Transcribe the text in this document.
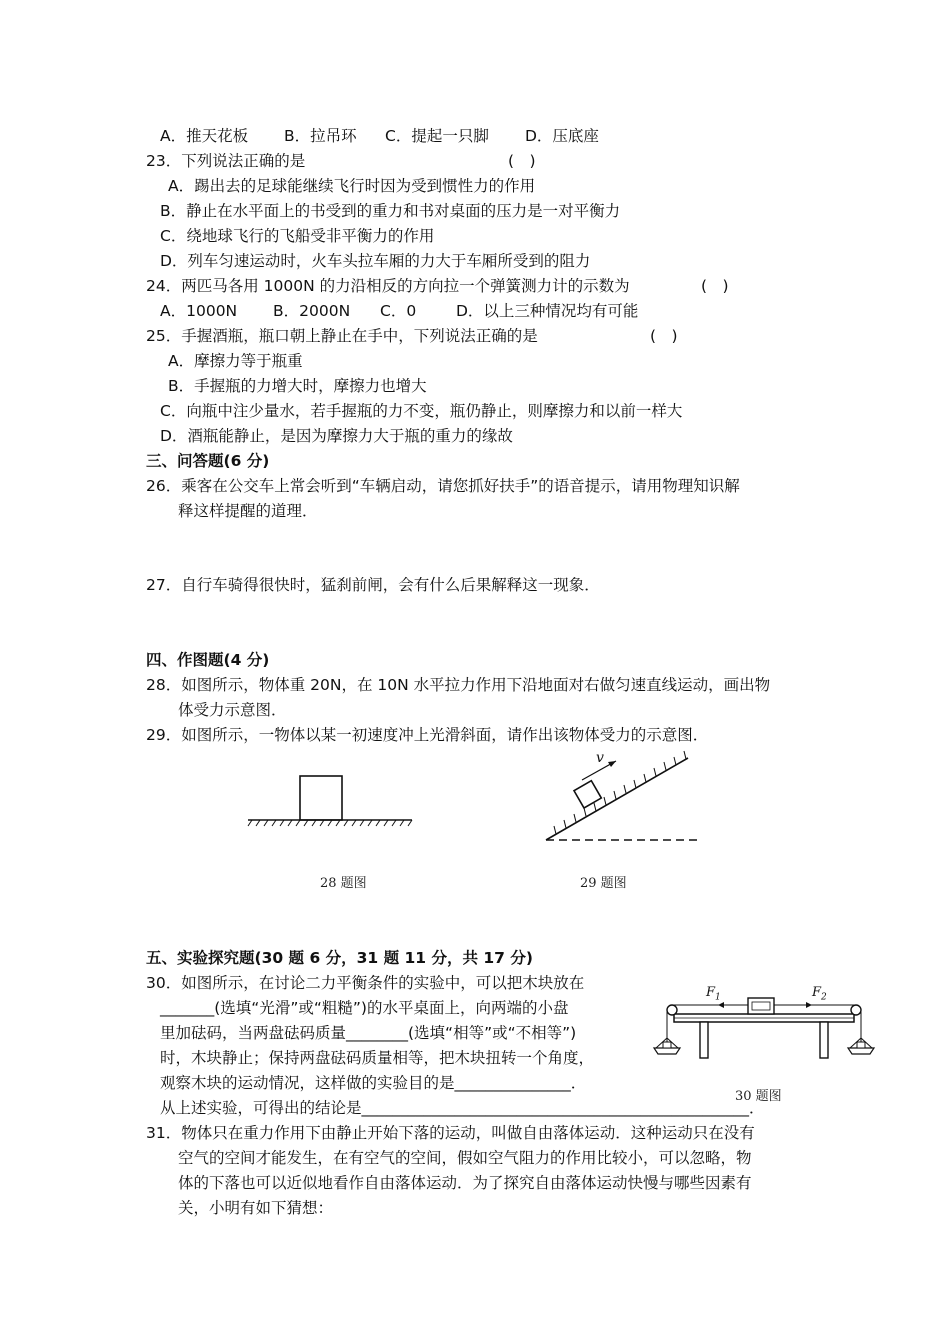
A．推天花板 B．拉吊环 C．提起一只脚 D．压底座
23．下列说法正确的是	(　)
A．踢出去的足球能继续飞行时因为受到惯性力的作用
B．静止在水平面上的书受到的重力和书对桌面的压力是一对平衡力
C．绕地球飞行的飞船受非平衡力的作用
D．列车匀速运动时，火车头拉车厢的力大于车厢所受到的阻力
24．两匹马各用 1000N 的力沿相反的方向拉一个弹簧测力计的示数为	(　)
A．1000N B．2000N C．0	D．以上三种情况均有可能
25．手握酒瓶，瓶口朝上静止在手中，下列说法正确的是	(　)
A．摩擦力等于瓶重
B．手握瓶的力增大时，摩擦力也增大
C．向瓶中注少量水，若手握瓶的力不变，瓶仍静止，则摩擦力和以前一样大
D．酒瓶能静止，是因为摩擦力大于瓶的重力的缘故
三、问答题(6 分)
26．乘客在公交车上常会听到“车辆启动，请您抓好扶手”的语音提示，请用物理知识解
释这样提醒的道理．
27．自行车骑得很快时，猛刹前闸，会有什么后果解释这一现象．
四、作图题(4 分)
28．如图所示，物体重 20N，在 10N 水平拉力作用下沿地面对右做匀速直线运动，画出物
体受力示意图．
29．如图所示，一物体以某一初速度冲上光滑斜面，请作出该物体受力的示意图．
28 题图
v
29 题图
五、实验探究题(30 题 6 分，31 题 11 分，共 17 分)
30．如图所示，在讨论二力平衡条件的实验中，可以把木块放在
_______(选填“光滑”或“粗糙”)的水平桌面上，向两端的小盘
里加砝码，当两盘砝码质量________(选填“相等”或“不相等”)
时，木块静止；保持两盘砝码质量相等，把木块扭转一个角度，
观察木块的运动情况，这样做的实验目的是_______________．
从上述实验，可得出的结论是__________________________________________________．
$F_1$	$F_2$
30 题图
31．物体只在重力作用下由静止开始下落的运动，叫做自由落体运动．这种运动只在没有
空气的空间才能发生，在有空气的空间，假如空气阻力的作用比较小，可以忽略，物
体的下落也可以近似地看作自由落体运动．为了探究自由落体运动快慢与哪些因素有
关，小明有如下猜想：
